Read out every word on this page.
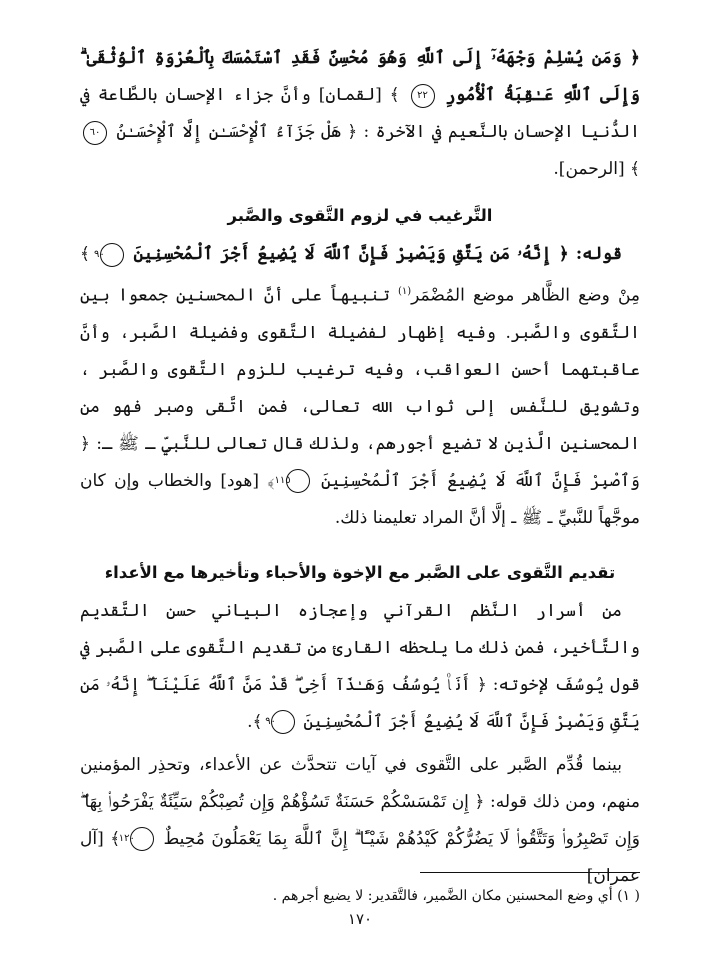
﴿ وَمَن يُسْلِمْ وَجْهَهُۥٓ إِلَى ٱللَّهِ وَهُوَ مُحْسِنٌ فَقَدِ ٱسْتَمْسَكَ بِٱلْعُرْوَةِ ٱلْوُثْقَىٰ ۗ وَإِلَى ٱللَّهِ عَـٰقِبَةُ ٱلْأُمُورِ ٢٢ ﴾ [لقمان] وأنَّ جزاء الإحسان بالطَّاعة في الدُّنيا الإحسان بالنَّعيم في الآخرة : ﴿ هَلْ جَزَآءُ ٱلْإِحْسَـٰنِ إِلَّا ٱلْإِحْسَـٰنُ ٦٠ ﴾ [الرحمن].

التَّرغيب في لزوم التَّقوى والصَّبر

قوله: ﴿ إِنَّهُۥ مَن يَتَّقِ وَيَصْبِرْ فَإِنَّ ٱللَّهَ لَا يُضِيعُ أَجْرَ ٱلْمُحْسِنِينَ ٩٠ ﴾ مِنْ وضع الظَّاهر موضع المُضْمَر$^{(١)}$ تنبيهاً على أنَّ المحسنين جمعوا بين التَّقوى والصَّبر. وفيه إظهار لفضيلة التَّقوى وفضيلة الصَّبر، وأنَّ عاقبتهما أحسن العواقب، وفيه ترغيب للزوم التَّقوى والصَّبر ، وتشويق للنَّفس إلى ثواب الله تعالى، فمن اتَّقى وصبر فهو من المحسنين الَّذين لا تضيع أجورهم، ولذلك قال تعالى للنَّبيِّ ـ ﷺ ـ: ﴿ وَٱصْبِرْ فَإِنَّ ٱللَّهَ لَا يُضِيعُ أَجْرَ ٱلْمُحْسِنِينَ ١١٥ ﴾ [هود] والخطاب وإن كان موجَّهاً للنَّبيِّ ـ ﷺ ـ إلَّا أنَّ المراد تعليمنا ذلك.

تقديم التَّقوى على الصَّبر مع الإخوة والأحباء وتأخيرها مع الأعداء

من أسرار النَّظم القرآني وإعجازه البياني حسن التَّقديم والتَّأخير، فمن ذلك ما يلحظه القارئ من تقديم التَّقوى على الصَّبر في قول يُوسُفَ لإخوته: ﴿ أَنَا۠ يُوسُفُ وَهَـٰذَآ أَخِى ۖ قَدْ مَنَّ ٱللَّهُ عَلَيْنَآ ۖ إِنَّهُۥ مَن يَتَّقِ وَيَصْبِرْ فَإِنَّ ٱللَّهَ لَا يُضِيعُ أَجْرَ ٱلْمُحْسِنِينَ ٩٠ ﴾.

بينما قُدِّم الصَّبر على التَّقوى في آيات تتحدَّث عن الأعداء، وتحذِر المؤمنين منهم، ومن ذلك قوله: ﴿ إِن تَمْسَسْكُمْ حَسَنَةٌ تَسُؤْهُمْ وَإِن تُصِبْكُمْ سَيِّئَةٌ يَفْرَحُوا۟ بِهَا ۖ وَإِن تَصْبِرُوا۟ وَتَتَّقُوا۟ لَا يَضُرُّكُمْ كَيْدُهُمْ شَيْـًٔا ۗ إِنَّ ٱللَّهَ بِمَا يَعْمَلُونَ مُحِيطٌ ١٢٠ ﴾ [آل عمران]

( ١) أي وضع المحسنين مكان الضَّمير، فالتَّقدير: لا يضيع أجرهم .

١٧٠
